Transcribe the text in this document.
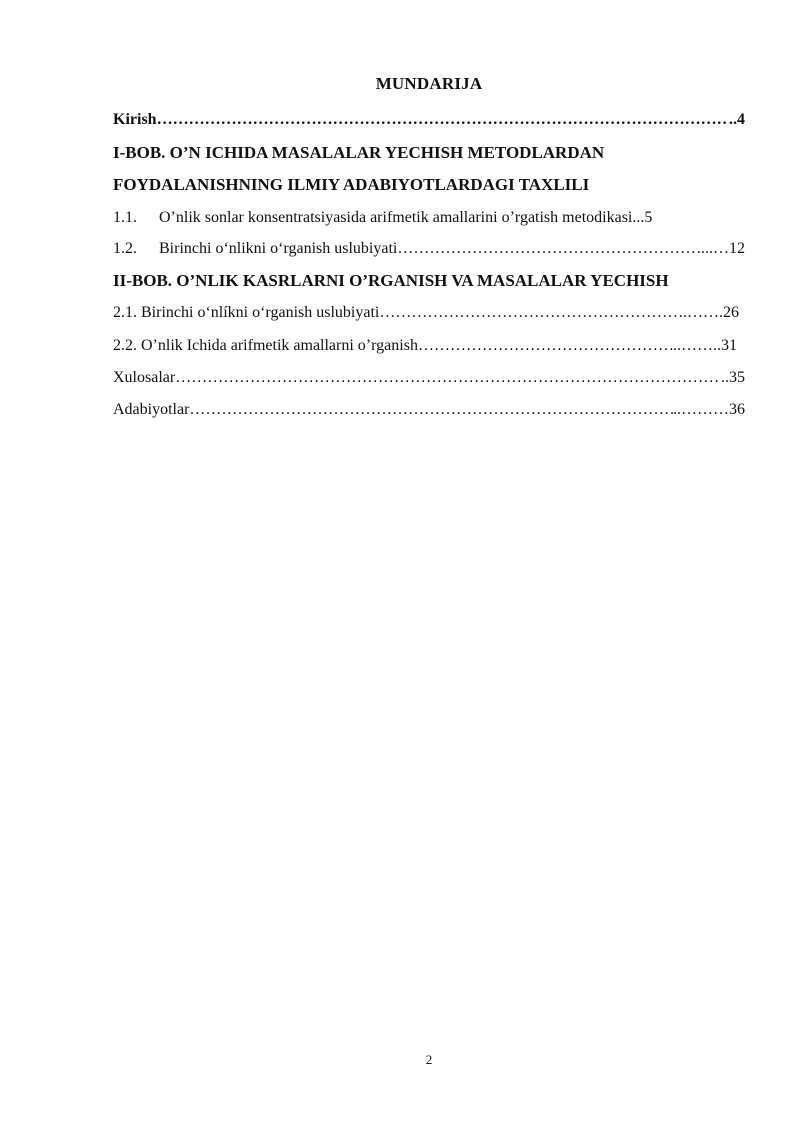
MUNDARIJA
Kirish …………………………………………………………………………………………………………………………………………………………………………………………	..4
I-BOB. O’N ICHIDA MASALALAR YECHISH METODLARDAN
FOYDALANISHNING ILMIY ADABIYOTLARDAGI TAXLILI
1.1.	O’nlik sonlar konsentratsiyasida arifmetik amallarini o’rgatish metodikasi ...5
1.2.	Birinchi o‘nlikni o‘rganish uslubiyati …………………………………………………………………………………………………………………………………………………………………………………………	...…12
II-BOB. O’NLIK KASRLARNI O’RGANISH VA MASALALAR YECHISH
2.1. Birinchi o‘nlíkni o‘rganish uslubiyati …………………………………………………………………………………………………………………………………………………………………………………………	.…….26
2.2. O’nlik Ichida arifmetik amallarni o’rganish …………………………………………………………………………………………………………………………………………………………………………………………	..……..31
Xulosalar …………………………………………………………………………………………………………………………………………………………………………………………	..35
Adabiyotlar …………………………………………………………………………………………………………………………………………………………………………………………	..………36
2
